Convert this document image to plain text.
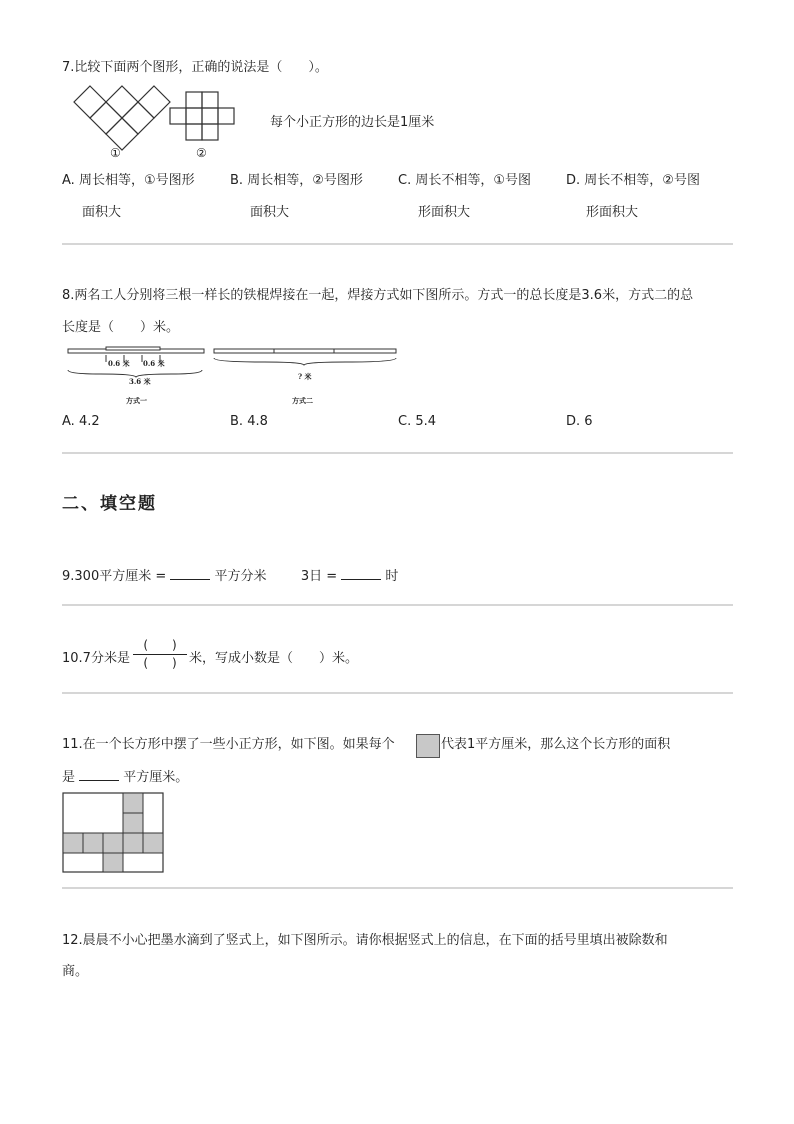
7.比较下面两个图形，正确的说法是（　　）。
①	②
每个小正方形的边长是1厘米
A. 周长相等，①号图形
面积大
B. 周长相等，②号图形
面积大
C. 周长不相等，①号图
形面积大
D. 周长不相等，②号图
形面积大
8.两名工人分别将三根一样长的铁棍焊接在一起，焊接方式如下图所示。方式一的总长度是3.6米，方式二的总
长度是（　　）米。
0.6 米 0.6 米
3.6 米
方式一
? 米
方式二
A. 4.2	B. 4.8	C. 5.4	D. 6
二、填空题
9.300平方厘米 =	平方分米	3日 =	时
10.7分米是
(　　)
(　　) 米，写成小数是（　　）米。
11.在一个长方形中摆了一些小正方形，如下图。如果每个	代表1平方厘米，那么这个长方形的面积
是	平方厘米。
12.晨晨不小心把墨水滴到了竖式上，如下图所示。请你根据竖式上的信息，在下面的括号里填出被除数和
商。
